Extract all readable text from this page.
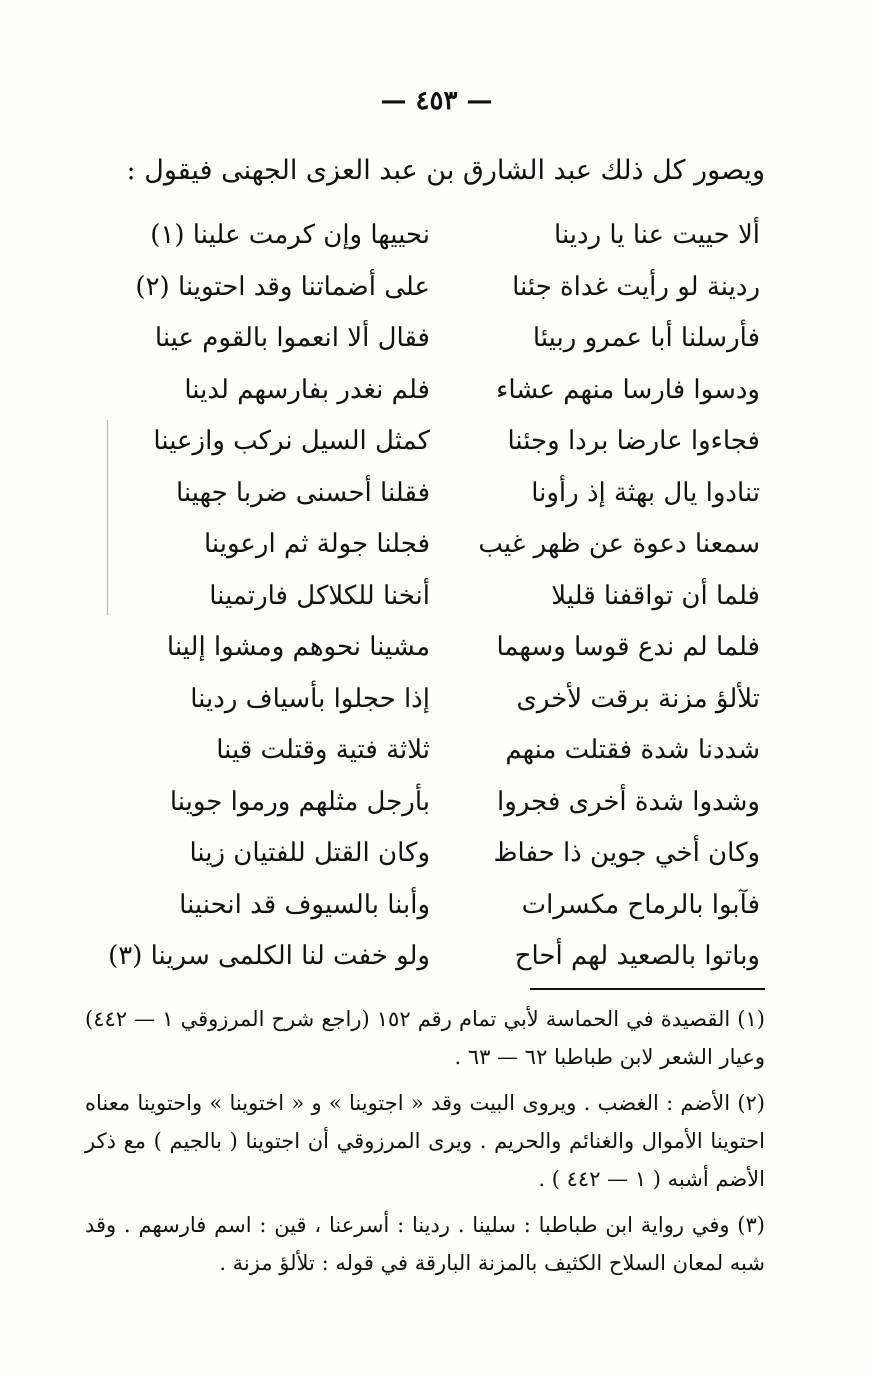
— ٤٥٣ —
ويصور كل ذلك عبد الشارق بن عبد العزى الجهنى فيقول :
ألا حييت عنا يا ردينا
نحييها وإن كرمت علينا (١)
ردينة لو رأيت غداة جئنا
على أضماتنا وقد احتوينا (٢)
فأرسلنا أبا عمرو ربيئا
فقال ألا انعموا بالقوم عينا
ودسوا فارسا منهم عشاء
فلم نغدر بفارسهم لدينا
فجاءوا عارضا بردا وجئنا
كمثل السيل نركب وازعينا
تنادوا يال بهثة إذ رأونا
فقلنا أحسنى ضربا جهينا
سمعنا دعوة عن ظهر غيب
فجلنا جولة ثم ارعوينا
فلما أن تواقفنا قليلا
أنخنا للكلاكل فارتمينا
فلما لم ندع قوسا وسهما
مشينا نحوهم ومشوا إلينا
تلألؤ مزنة برقت لأخرى
إذا حجلوا بأسياف ردينا
شددنا شدة فقتلت منهم
ثلاثة فتية وقتلت قينا
وشدوا شدة أخرى فجروا
بأرجل مثلهم ورموا جوينا
وكان أخي جوين ذا حفاظ
وكان القتل للفتيان زينا
فآبوا بالرماح مكسرات
وأبنا بالسيوف قد انحنينا
وباتوا بالصعيد لهم أحاح
ولو خفت لنا الكلمى سرينا (٣)

(١) القصيدة في الحماسة لأبي تمام رقم ١٥٢ (راجع شرح المرزوقي ١ — ٤٤٢) وعيار الشعر لابن طباطبا ٦٢ — ٦٣ .

(٢) الأضم : الغضب . ويروى البيت وقد « اجتوينا » و « اختوينا » واحتوينا معناه احتوينا الأموال والغنائم والحريم . ويرى المرزوقي أن اجتوينا ( بالجيم ) مع ذكر الأضم أشبه ( ١ — ٤٤٢ ) .

(٣) وفي رواية ابن طباطبا : سلينا . ردينا : أسرعنا ، قين : اسم فارسهم . وقد شبه لمعان السلاح الكثيف بالمزنة البارقة في قوله : تلألؤ مزنة .
